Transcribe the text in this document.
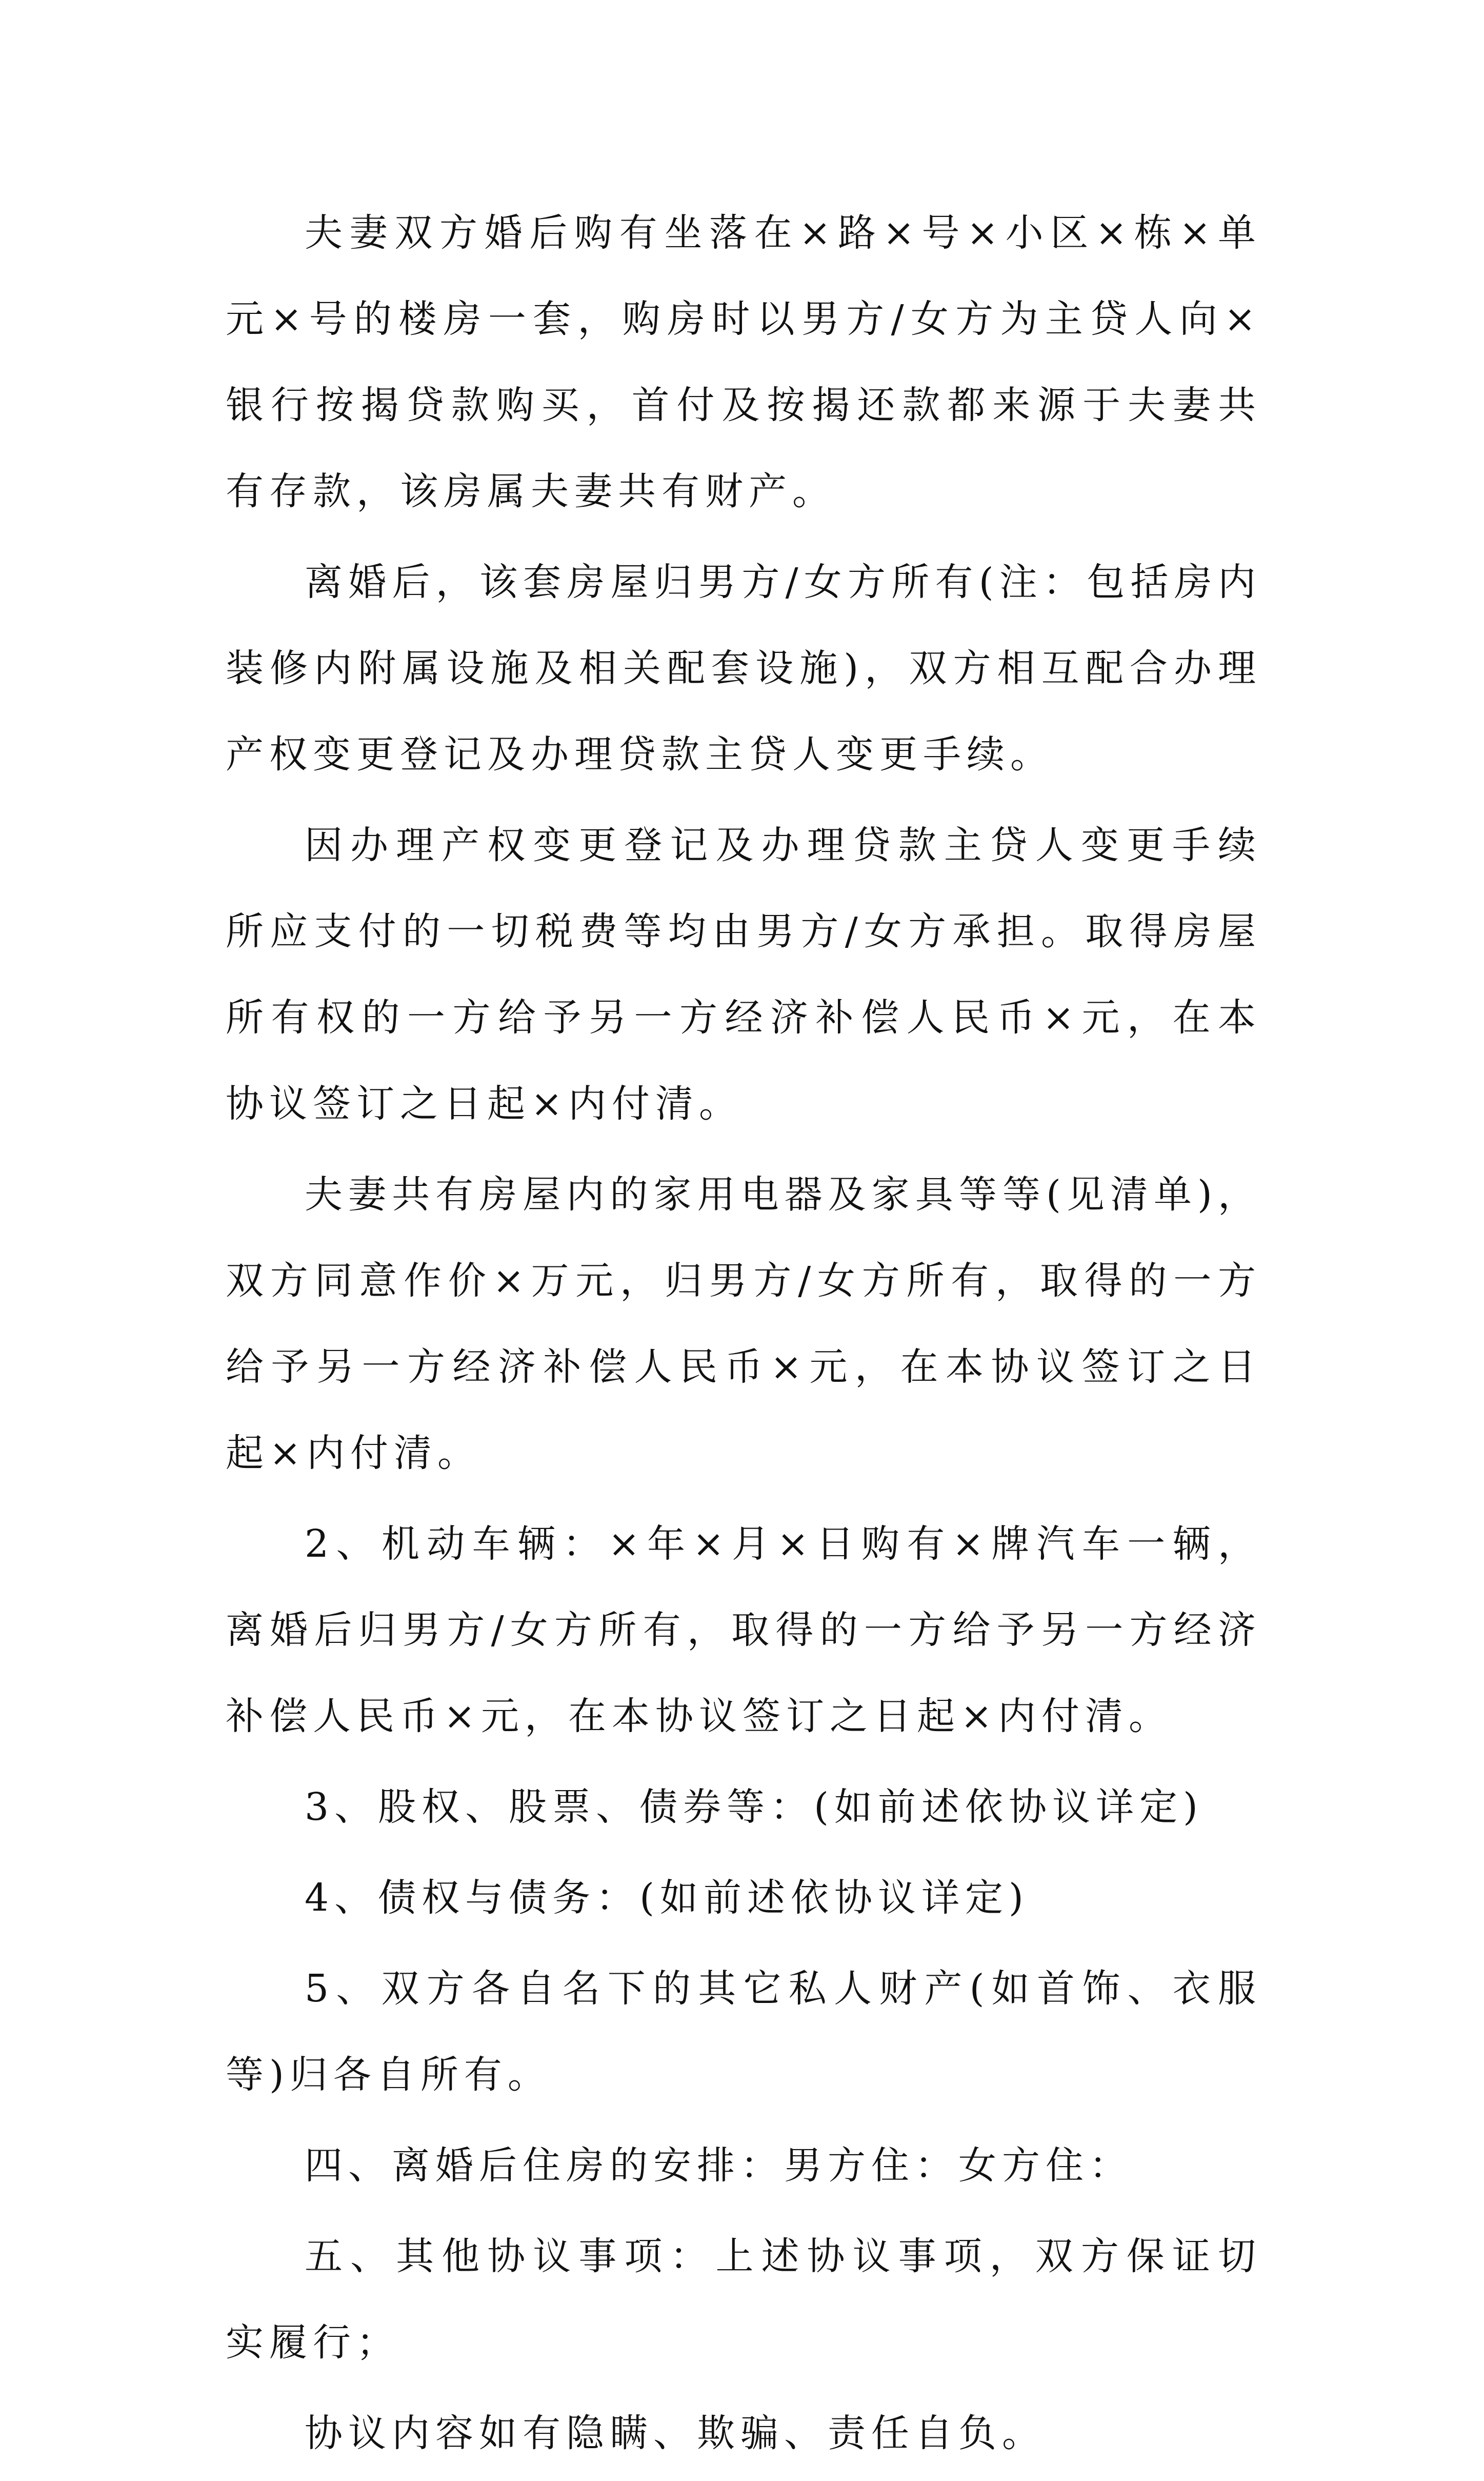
夫妻双方婚后购有坐落在×路×号×小区×栋×单元×号的楼房一套，购房时以男方/女方为主贷人向×银行按揭贷款购买，首付及按揭还款都来源于夫妻共有存款，该房属夫妻共有财产。

离婚后，该套房屋归男方/女方所有(注：包括房内装修内附属设施及相关配套设施)，双方相互配合办理产权变更登记及办理贷款主贷人变更手续。

因办理产权变更登记及办理贷款主贷人变更手续所应支付的一切税费等均由男方/女方承担。取得房屋所有权的一方给予另一方经济补偿人民币×元，在本协议签订之日起×内付清。

夫妻共有房屋内的家用电器及家具等等(见清单)，双方同意作价×万元，归男方/女方所有，取得的一方给予另一方经济补偿人民币×元，在本协议签订之日起×内付清。

2、机动车辆：×年×月×日购有×牌汽车一辆，离婚后归男方/女方所有，取得的一方给予另一方经济补偿人民币×元，在本协议签订之日起×内付清。

3、股权、股票、债券等：(如前述依协议详定)

4、债权与债务：(如前述依协议详定)

5、双方各自名下的其它私人财产(如首饰、衣服等)归各自所有。

四、离婚后住房的安排：男方住：女方住：

五、其他协议事项：上述协议事项，双方保证切实履行；

协议内容如有隐瞒、欺骗、责任自负。
